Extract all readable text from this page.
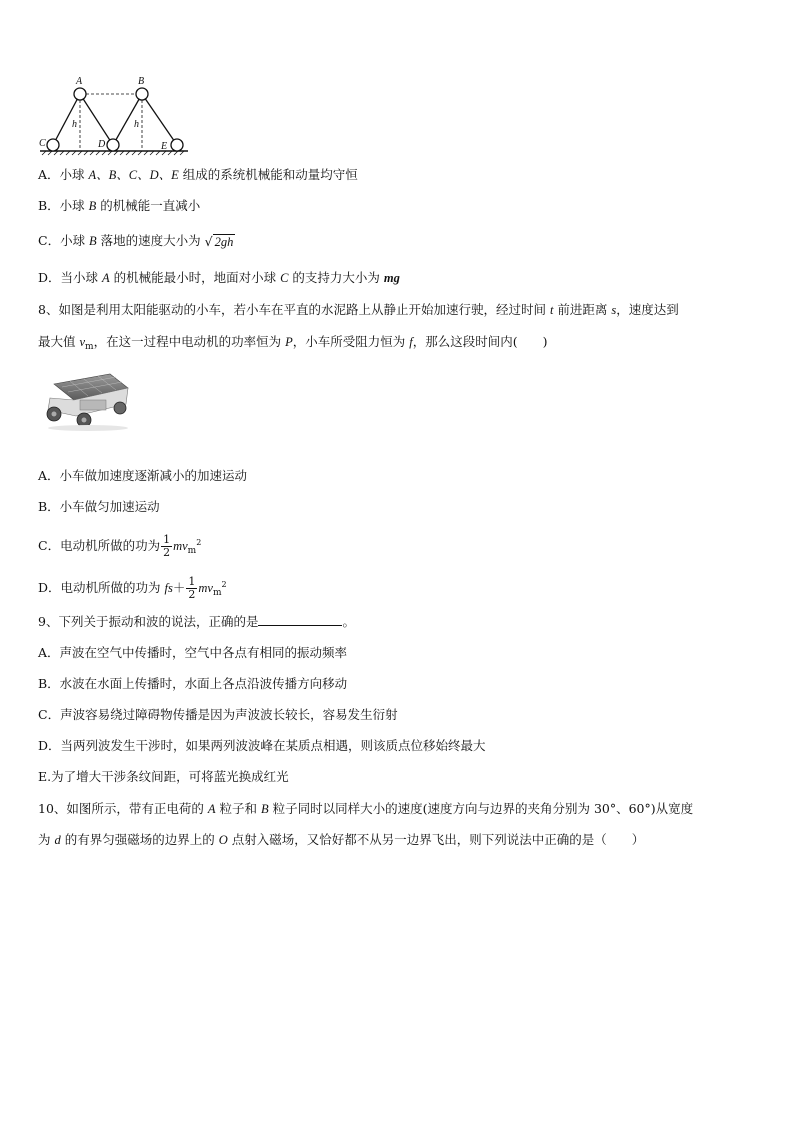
A	B
C	D	E
h	h
A．小球 A、B、C、D、E 组成的系统机械能和动量均守恒
B．小球 B 的机械能一直减小
C．小球 B 落地的速度大小为 √ 2gh
D．当小球 A 的机械能最小时，地面对小球 C 的支持力大小为 mg
8、如图是利用太阳能驱动的小车，若小车在平直的水泥路上从静止开始加速行驶，经过时间 t 前进距离 s，速度达到
最大值 $v_m$，在这一过程中电动机的功率恒为 P，小车所受阻力恒为 f，那么这段时间内(　　)
A．小车做加速度逐渐减小的加速运动
B．小车做匀加速运动
C．电动机所做的功为 $\frac{1}{2} mv_m^2$
D．电动机所做的功为 $fs+ \frac{1}{2} mv_m^2$
9、下列关于振动和波的说法，正确的是	。
A．声波在空气中传播时，空气中各点有相同的振动频率
B．水波在水面上传播时，水面上各点沿波传播方向移动
C．声波容易绕过障碍物传播是因为声波波长较长，容易发生衍射
D．当两列波发生干涉时，如果两列波波峰在某质点相遇，则该质点位移始终最大
E.为了增大干涉条纹间距，可将蓝光换成红光
10、如图所示，带有正电荷的 A 粒子和 B 粒子同时以同样大小的速度(速度方向与边界的夹角分别为 30°、60°)从宽度
为 d 的有界匀强磁场的边界上的 O 点射入磁场，又恰好都不从另一边界飞出，则下列说法中正确的是（　　）
